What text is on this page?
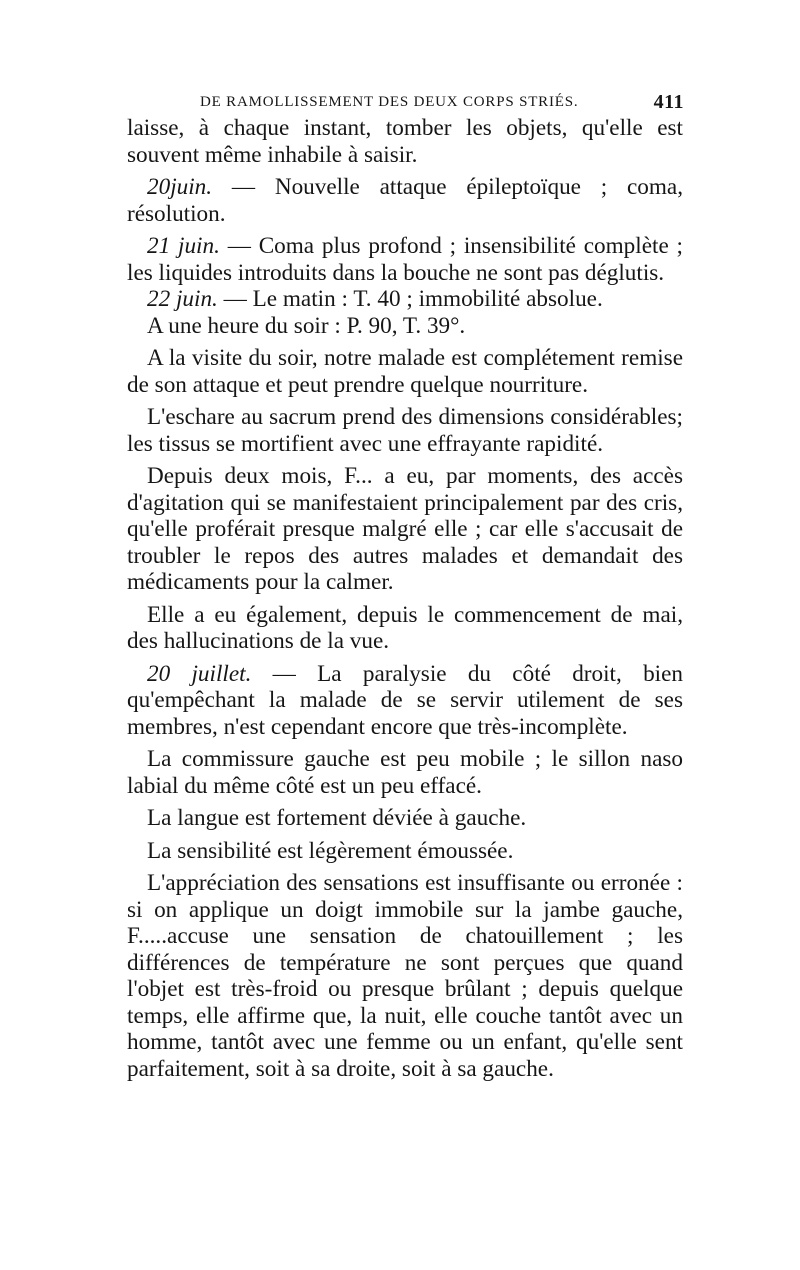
DE RAMOLLISSEMENT DES DEUX CORPS STRIÉS.	411

laisse, à chaque instant, tomber les objets, qu'elle est souvent même inhabile à saisir.

20juin. — Nouvelle attaque épileptoïque ; coma, résolution.

21 juin. — Coma plus profond ; insensibilité complète ; les liquides introduits dans la bouche ne sont pas déglutis.

22 juin. — Le matin : T. 40 ; immobilité absolue.

A une heure du soir : P. 90, T. 39°.

A la visite du soir, notre malade est complétement remise de son attaque et peut prendre quelque nourriture.

L'eschare au sacrum prend des dimensions considérables; les tissus se mortifient avec une effrayante rapidité.

Depuis deux mois, F... a eu, par moments, des accès d'agitation qui se manifestaient principalement par des cris, qu'elle proférait presque malgré elle ; car elle s'accusait de troubler le repos des autres malades et demandait des médicaments pour la calmer.

Elle a eu également, depuis le commencement de mai, des hallucinations de la vue.

20 juillet. — La paralysie du côté droit, bien qu'empêchant la malade de se servir utilement de ses membres, n'est cependant encore que très-incomplète.

La commissure gauche est peu mobile ; le sillon naso labial du même côté est un peu effacé.

La langue est fortement déviée à gauche.

La sensibilité est légèrement émoussée.

L'appréciation des sensations est insuffisante ou erronée : si on applique un doigt immobile sur la jambe gauche, F.....accuse une sensation de chatouillement ; les différences de température ne sont perçues que quand l'objet est très-froid ou presque brûlant ; depuis quelque temps, elle affirme que, la nuit, elle couche tantôt avec un homme, tantôt avec une femme ou un enfant, qu'elle sent parfaitement, soit à sa droite, soit à sa gauche.
